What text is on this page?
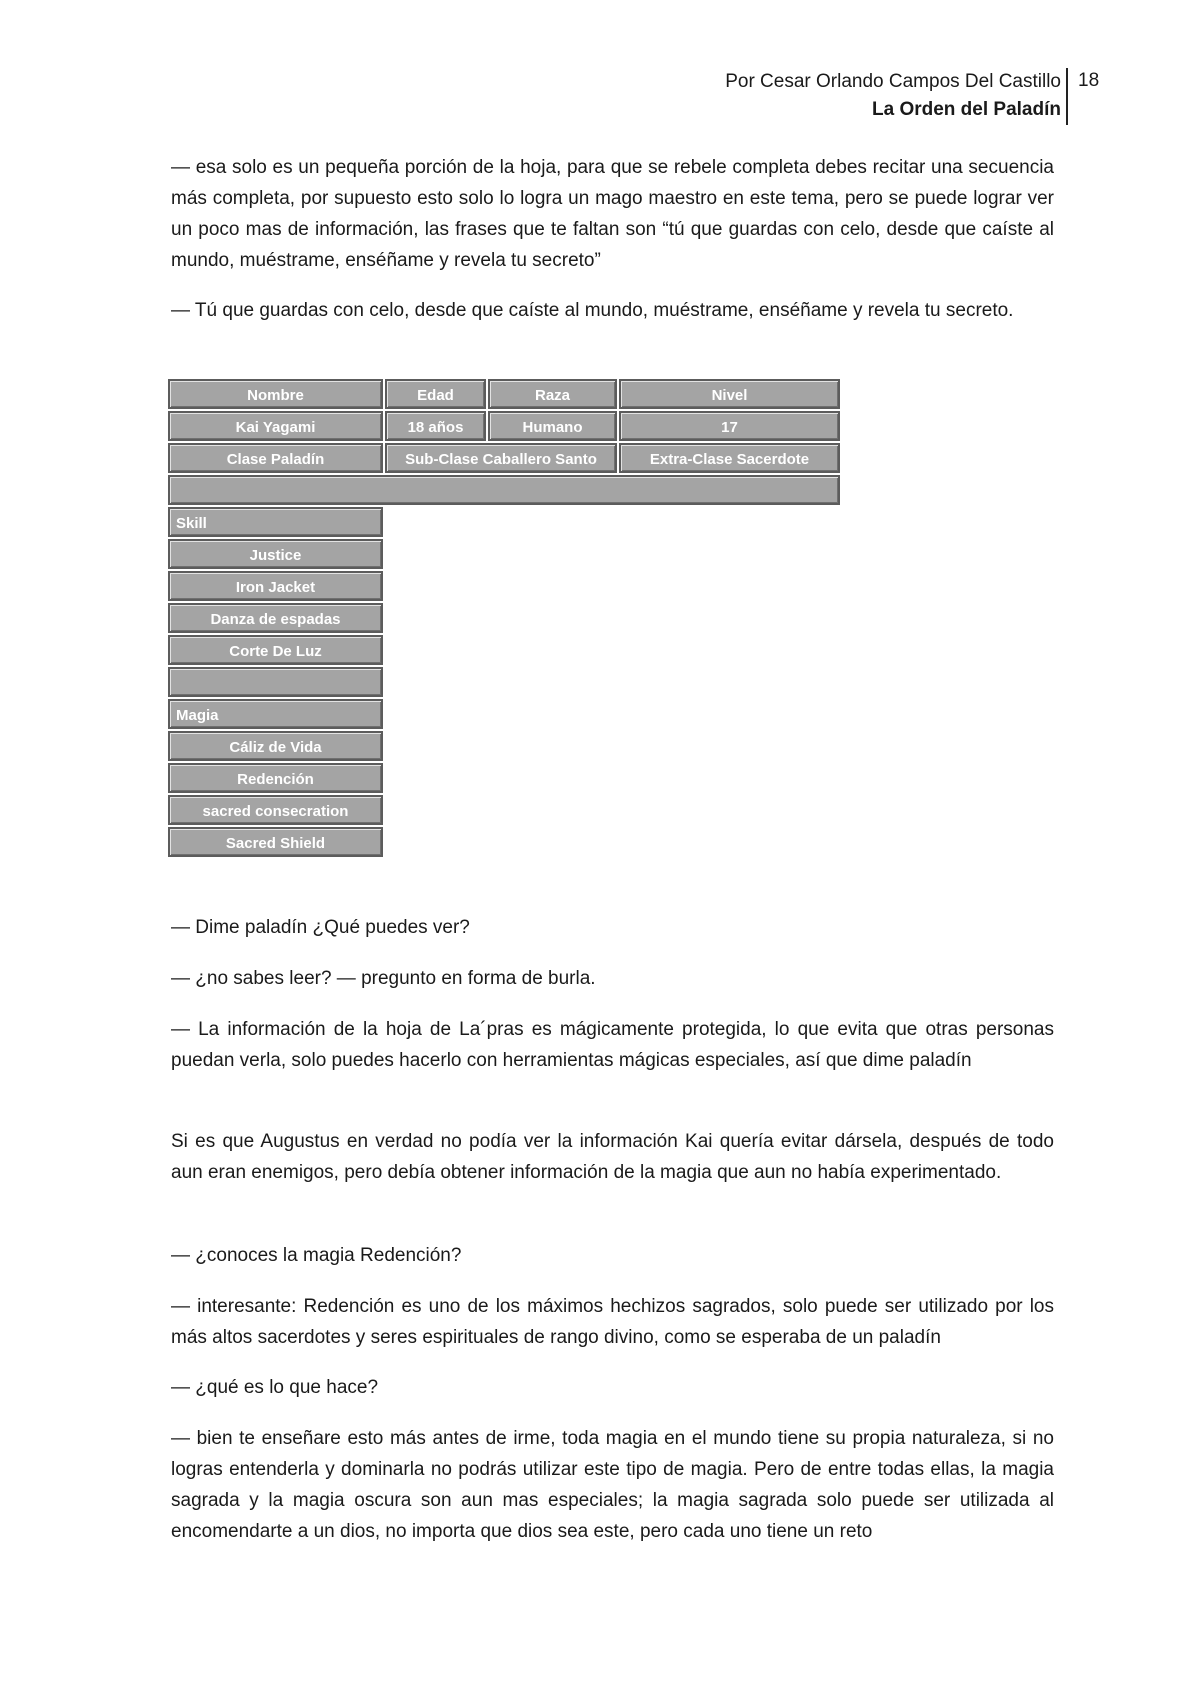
Por Cesar Orlando Campos Del Castillo
La Orden del Paladín
18
— esa solo es un pequeña porción de la hoja, para que se rebele completa debes recitar una secuencia más completa, por supuesto esto solo lo logra un mago maestro en este tema, pero se puede lograr ver un poco mas de información, las frases que te faltan son “tú que guardas con celo, desde que caíste al mundo, muéstrame, enséñame y revela tu secreto”
— Tú que guardas con celo, desde que caíste al mundo, muéstrame, enséñame y revela tu secreto.
Nombre	Edad	Raza	Nivel
Kai Yagami	18 años	Humano	17
Clase Paladín	Sub-Clase Caballero Santo	Extra-Clase Sacerdote
Skill
Justice
Iron Jacket
Danza de espadas
Corte De Luz
Magia
Cáliz de Vida
Redención
sacred consecration
Sacred Shield
— Dime paladín ¿Qué puedes ver?
— ¿no sabes leer? — pregunto en forma de burla.
— La información de la hoja de La´pras es mágicamente protegida, lo que evita que otras personas puedan verla, solo puedes hacerlo con herramientas mágicas especiales, así que dime paladín
Si es que Augustus en verdad no podía ver la información Kai quería evitar dársela, después de todo aun eran enemigos, pero debía obtener información de la magia que aun no había experimentado.
— ¿conoces la magia Redención?
— interesante: Redención es uno de los máximos hechizos sagrados, solo puede ser utilizado por los más altos sacerdotes y seres espirituales de rango divino, como se esperaba de un paladín
— ¿qué es lo que hace?
— bien te enseñare esto más antes de irme, toda magia en el mundo tiene su propia naturaleza, si no logras entenderla y dominarla no podrás utilizar este tipo de magia. Pero de entre todas ellas, la magia sagrada y la magia oscura son aun mas especiales; la magia sagrada solo puede ser utilizada al encomendarte a un dios, no importa que dios sea este, pero cada uno tiene un reto
